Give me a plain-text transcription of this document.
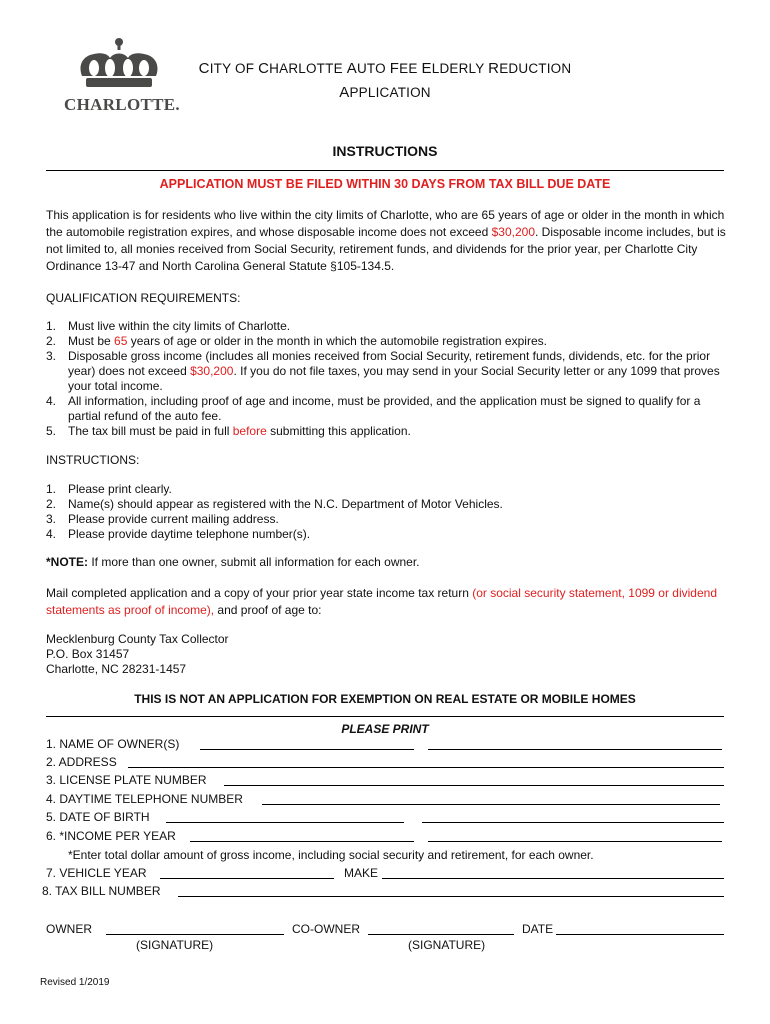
CHARLOTTE.
CITY OF CHARLOTTE AUTO FEE ELDERLY REDUCTION
APPLICATION
INSTRUCTIONS
APPLICATION MUST BE FILED WITHIN 30 DAYS FROM TAX BILL DUE DATE
This application is for residents who live within the city limits of Charlotte, who are 65 years of age or older in the month in which the automobile registration expires, and whose disposable income does not exceed $30,200. Disposable income includes, but is not limited to, all monies received from Social Security, retirement funds, and dividends for the prior year, per Charlotte City Ordinance 13-47 and North Carolina General Statute §105-134.5.
QUALIFICATION REQUIREMENTS:
1. Must live within the city limits of Charlotte.
2. Must be 65 years of age or older in the month in which the automobile registration expires.
3. Disposable gross income (includes all monies received from Social Security, retirement funds, dividends, etc. for the prior year) does not exceed $30,200. If you do not file taxes, you may send in your Social Security letter or any 1099 that proves your total income.
4. All information, including proof of age and income, must be provided, and the application must be signed to qualify for a partial refund of the auto fee.
5. The tax bill must be paid in full before submitting this application.
INSTRUCTIONS:
1. Please print clearly.
2. Name(s) should appear as registered with the N.C. Department of Motor Vehicles.
3. Please provide current mailing address.
4. Please provide daytime telephone number(s).
*NOTE: If more than one owner, submit all information for each owner.
Mail completed application and a copy of your prior year state income tax return (or social security statement, 1099 or dividend statements as proof of income), and proof of age to:
Mecklenburg County Tax Collector
P.O. Box 31457
Charlotte, NC 28231-1457
THIS IS NOT AN APPLICATION FOR EXEMPTION ON REAL ESTATE OR MOBILE HOMES
PLEASE PRINT
1. NAME OF OWNER(S)
2. ADDRESS
3. LICENSE PLATE NUMBER
4. DAYTIME TELEPHONE NUMBER
5. DATE OF BIRTH
6. *INCOME PER YEAR
*Enter total dollar amount of gross income, including social security and retirement, for each owner.
7. VEHICLE YEAR	MAKE
8. TAX BILL NUMBER
OWNER	CO-OWNER	DATE
(SIGNATURE)	(SIGNATURE)
Revised 1/2019
